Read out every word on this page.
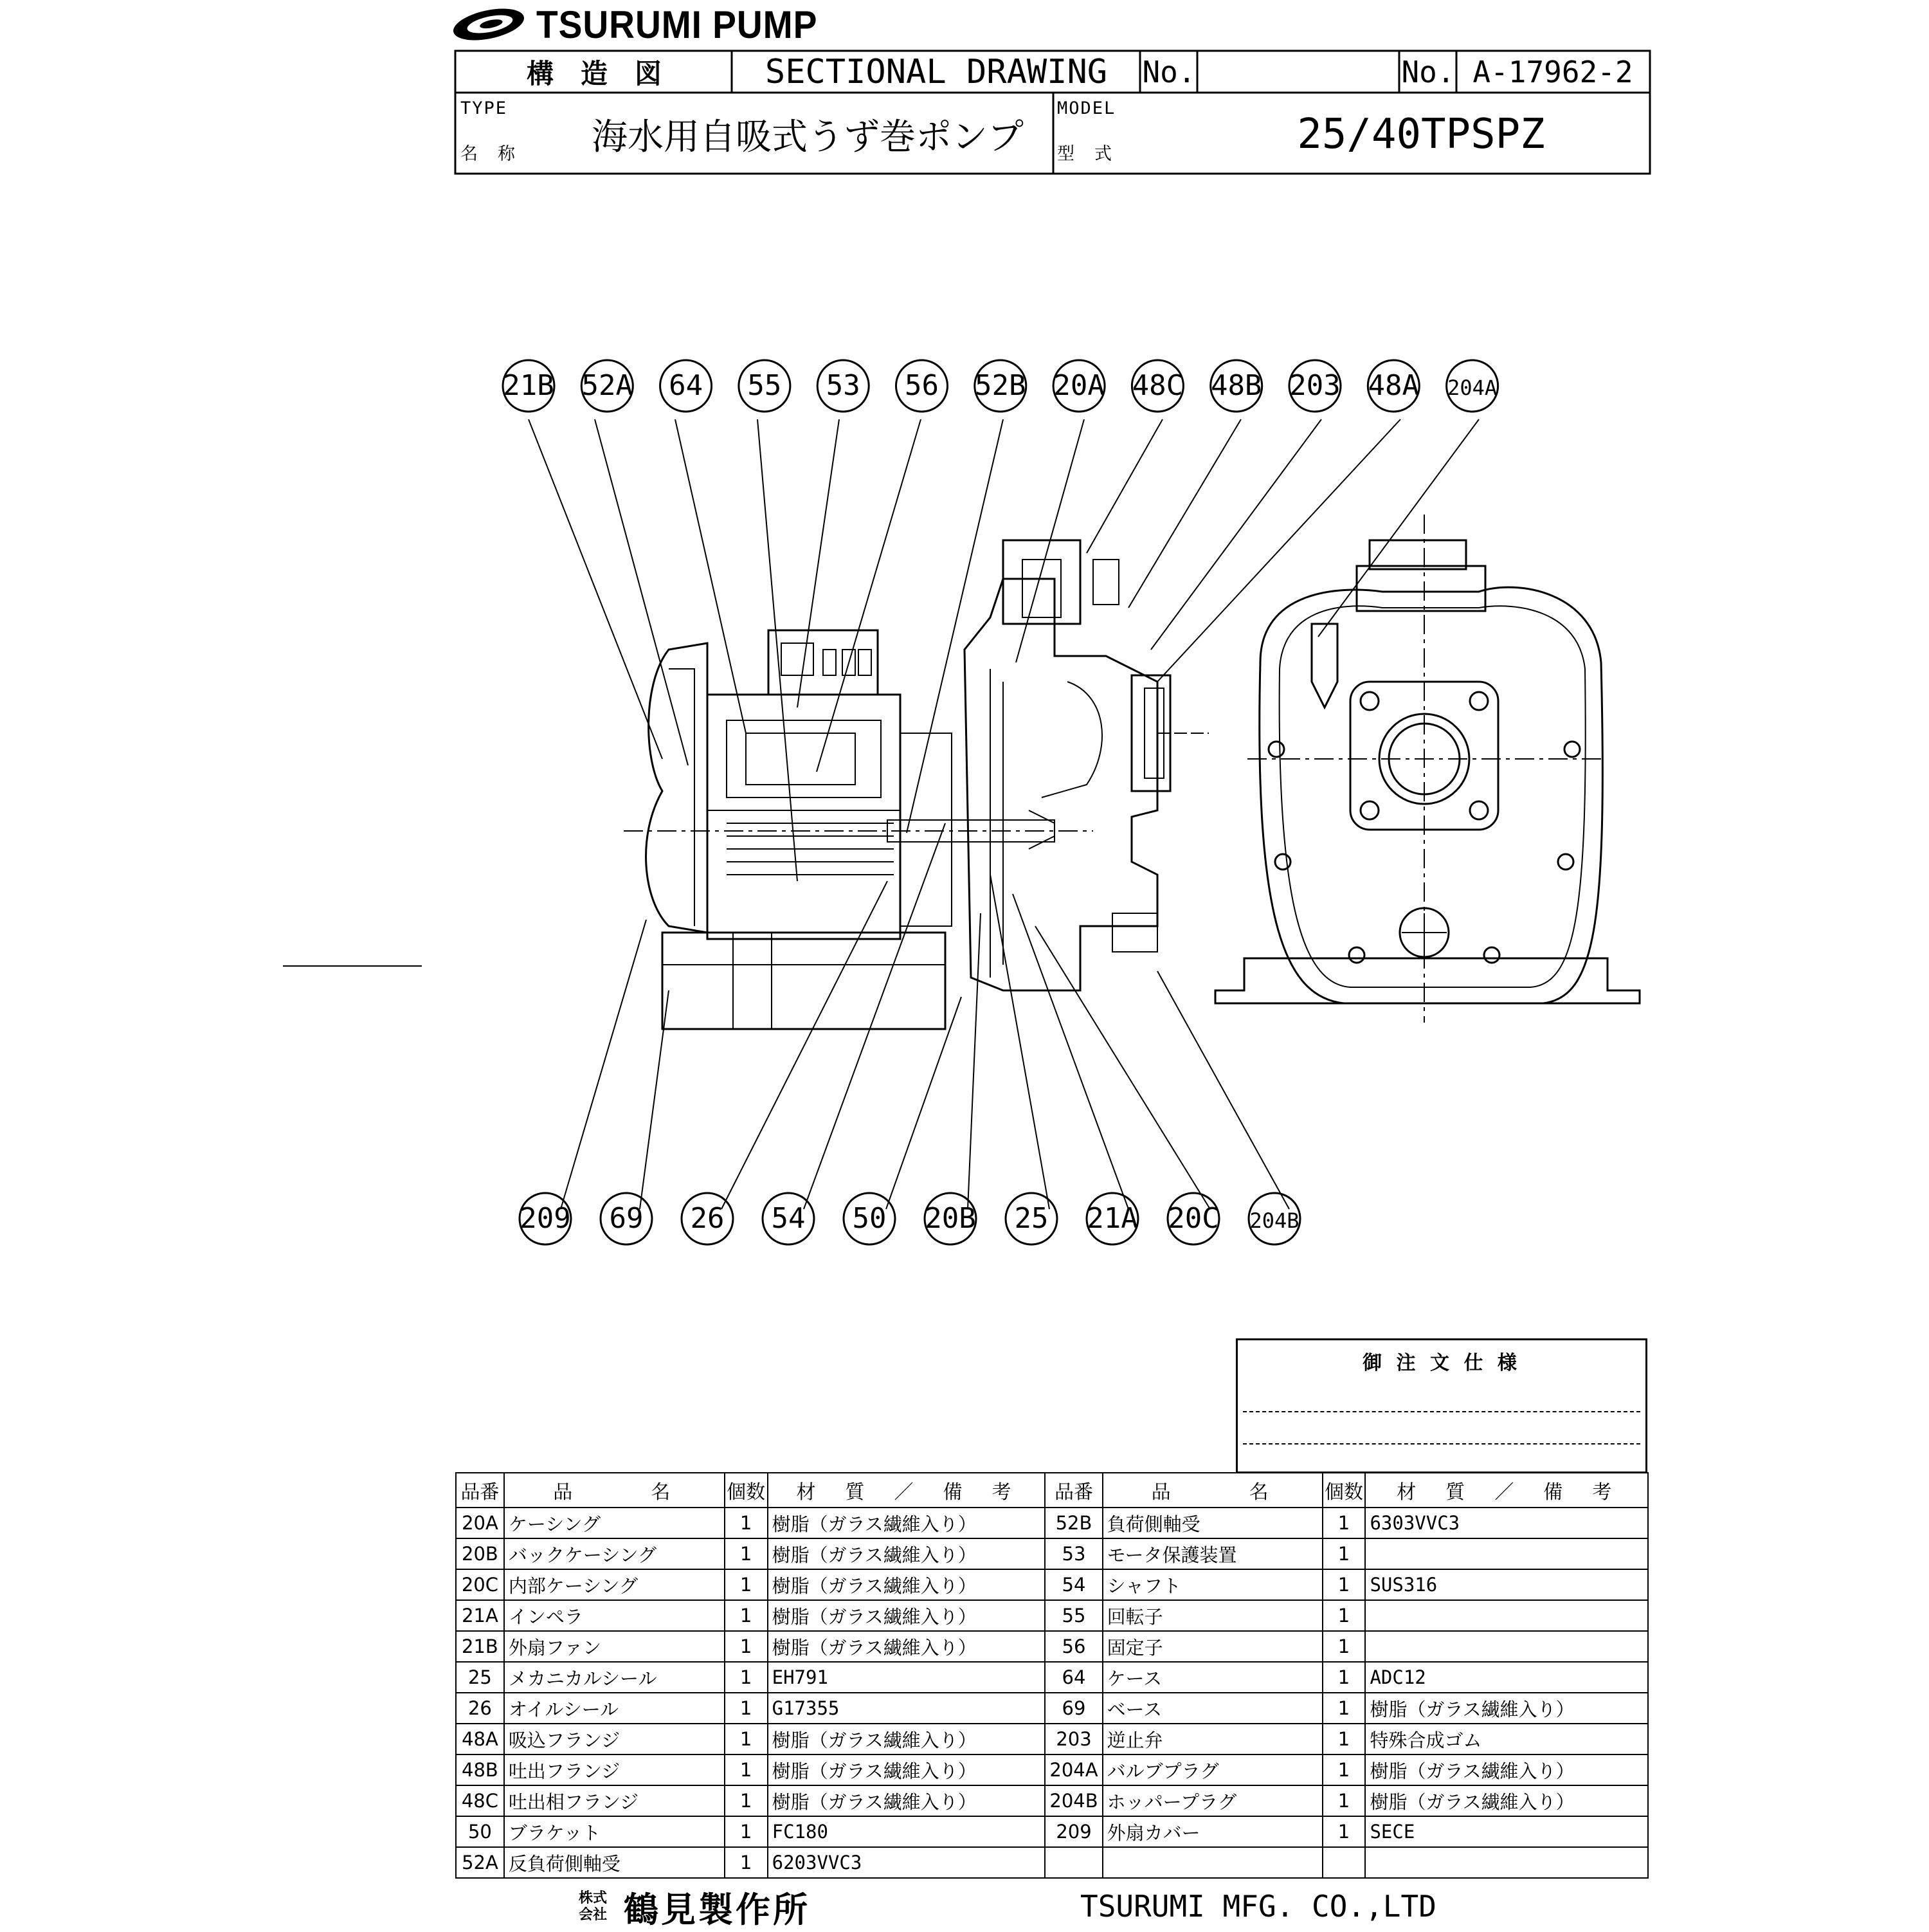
TSURUMI PUMP
構　造　図	SECTIONAL DRAWING	No.	No. A-17962-2
TYPE
名　称 海水用自吸式うず巻ポンプ
MODEL
型　式	25/40TPSPZ
21B 52A 64 55 53 56 52B 20A 48C 48B 203 48A 204A
209 69 26 54 50 20B 25 21A 20C 204B
御 注 文 仕 様
品番	品　　　名	個数	材　質　／　備　考	品番	品　　　名	個数	材　質　／　備　考
20A	ケーシング	1	樹脂（ガラス繊維入り）	52B	負荷側軸受	1	6303VVC3
20B	バックケーシング	1	樹脂（ガラス繊維入り）	53	モータ保護装置	1	
20C	内部ケーシング	1	樹脂（ガラス繊維入り）	54	シャフト	1	SUS316
21A	インペラ	1	樹脂（ガラス繊維入り）	55	回転子	1	
21B	外扇ファン	1	樹脂（ガラス繊維入り）	56	固定子	1	
25	メカニカルシール	1	EH791	64	ケース	1	ADC12
26	オイルシール	1	G17355	69	ベース	1	樹脂（ガラス繊維入り）
48A	吸込フランジ	1	樹脂（ガラス繊維入り）	203	逆止弁	1	特殊合成ゴム
48B	吐出フランジ	1	樹脂（ガラス繊維入り）	204A	バルブプラグ	1	樹脂（ガラス繊維入り）
48C	吐出相フランジ	1	樹脂（ガラス繊維入り）	204B	ホッパープラグ	1	樹脂（ガラス繊維入り）
50	ブラケット	1	FC180	209	外扇カバー	1	SECE
52A	反負荷側軸受	1	6203VVC3				
株式会社 鶴見製作所	TSURUMI MFG. CO.,LTD
